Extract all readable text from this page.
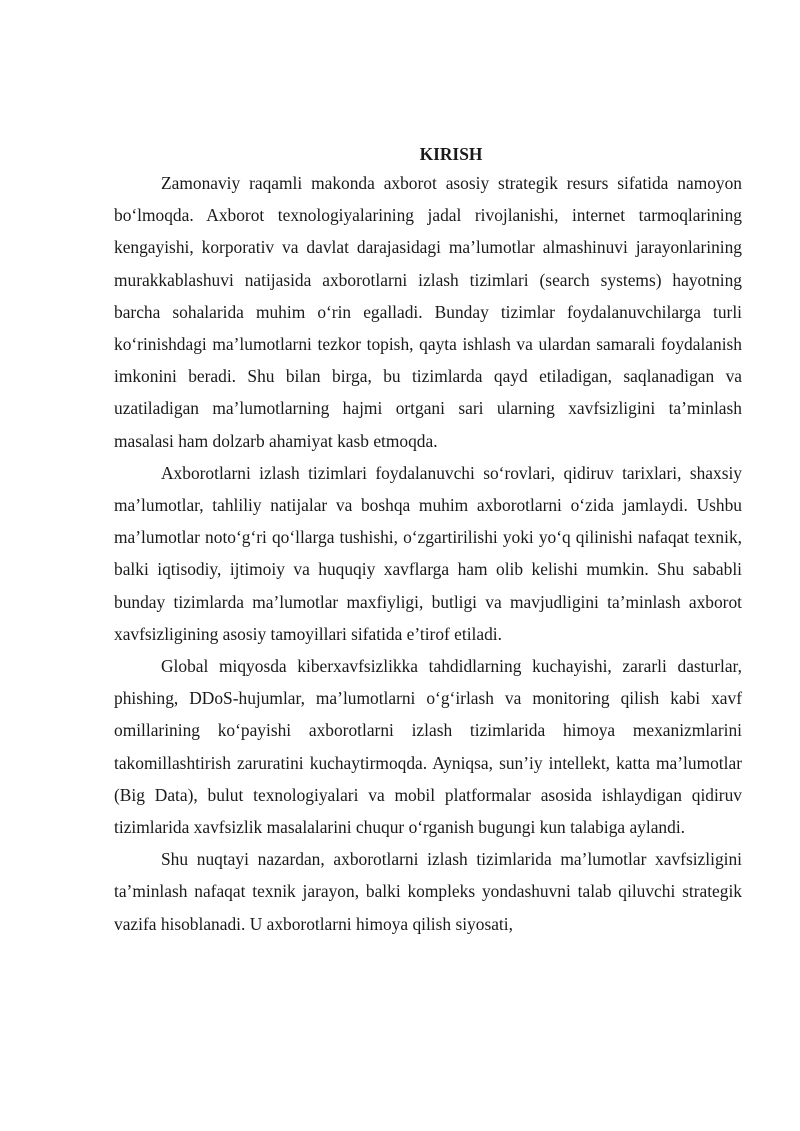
KIRISH

Zamonaviy raqamli makonda axborot asosiy strategik resurs sifatida namoyon bo‘lmoqda. Axborot texnologiyalarining jadal rivojlanishi, internet tarmoqlarining kengayishi, korporativ va davlat darajasidagi ma’lumotlar almashinuvi jarayonlarining murakkablashuvi natijasida axborotlarni izlash tizimlari (search systems) hayotning barcha sohalarida muhim o‘rin egalladi. Bunday tizimlar foydalanuvchilarga turli ko‘rinishdagi ma’lumotlarni tezkor topish, qayta ishlash va ulardan samarali foydalanish imkonini beradi. Shu bilan birga, bu tizimlarda qayd etiladigan, saqlanadigan va uzatiladigan ma’lumotlarning hajmi ortgani sari ularning xavfsizligini ta’minlash masalasi ham dolzarb ahamiyat kasb etmoqda.

Axborotlarni izlash tizimlari foydalanuvchi so‘rovlari, qidiruv tarixlari, shaxsiy ma’lumotlar, tahliliy natijalar va boshqa muhim axborotlarni o‘zida jamlaydi. Ushbu ma’lumotlar noto‘g‘ri qo‘llarga tushishi, o‘zgartirilishi yoki yo‘q qilinishi nafaqat texnik, balki iqtisodiy, ijtimoiy va huquqiy xavflarga ham olib kelishi mumkin. Shu sababli bunday tizimlarda ma’lumotlar maxfiyligi, butligi va mavjudligini ta’minlash axborot xavfsizligining asosiy tamoyillari sifatida e’tirof etiladi.

Global miqyosda kiberxavfsizlikka tahdidlarning kuchayishi, zararli dasturlar, phishing, DDoS-hujumlar, ma’lumotlarni o‘g‘irlash va monitoring qilish kabi xavf omillarining ko‘payishi axborotlarni izlash tizimlarida himoya mexanizmlarini takomillashtirish zaruratini kuchaytirmoqda. Ayniqsa, sun’iy intellekt, katta ma’lumotlar (Big Data), bulut texnologiyalari va mobil platformalar asosida ishlaydigan qidiruv tizimlarida xavfsizlik masalalarini chuqur o‘rganish bugungi kun talabiga aylandi.

Shu nuqtayi nazardan, axborotlarni izlash tizimlarida ma’lumotlar xavfsizligini ta’minlash nafaqat texnik jarayon, balki kompleks yondashuvni talab qiluvchi strategik vazifa hisoblanadi. U axborotlarni himoya qilish siyosati,
